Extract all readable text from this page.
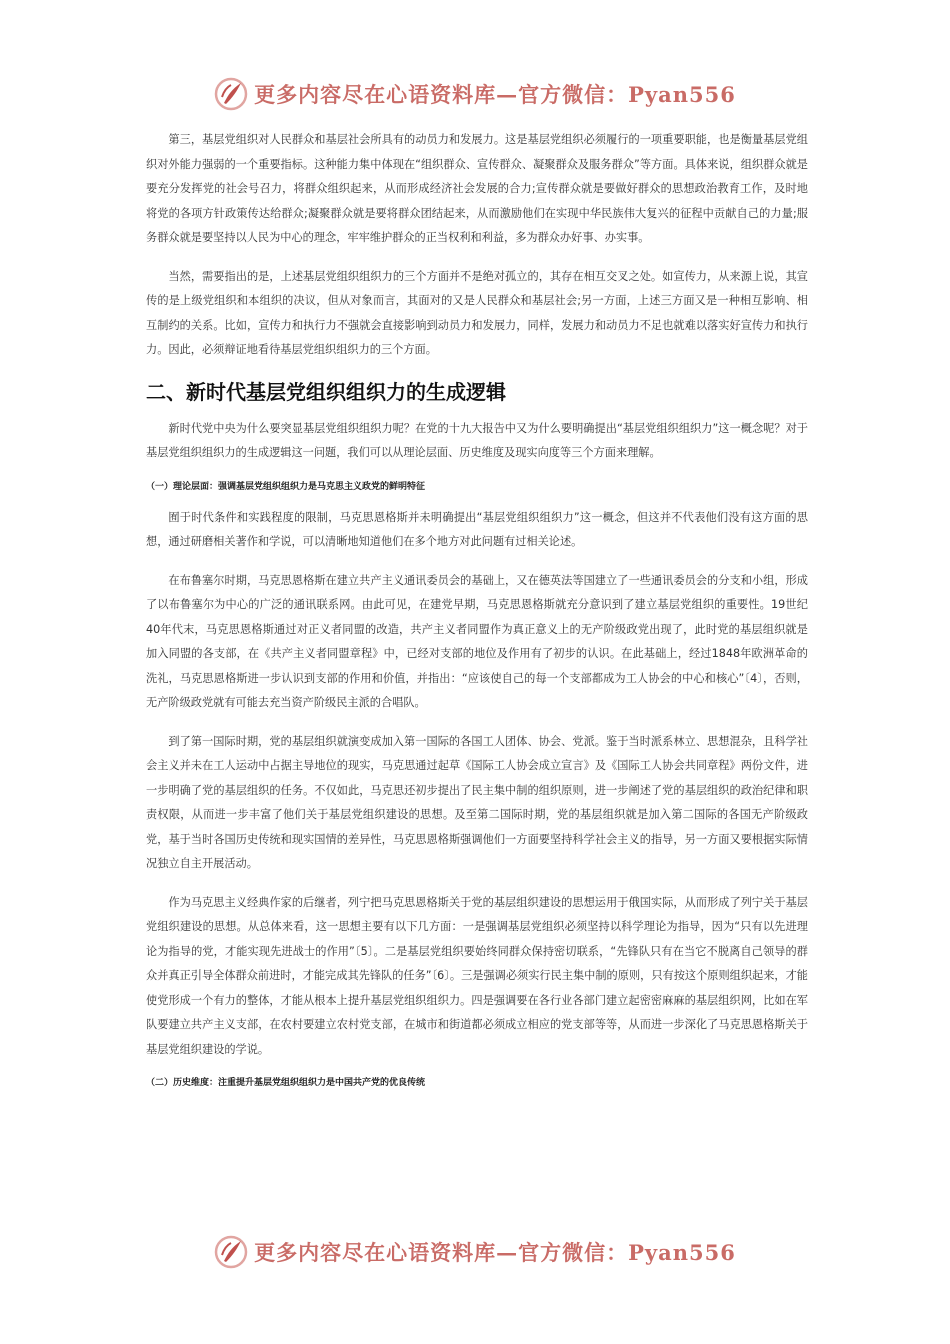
更多内容尽在心语资料库—官方微信：Pyan556

第三，基层党组织对人民群众和基层社会所具有的动员力和发展力。这是基层党组织必须履行的一项重要职能，也是衡量基层党组织对外能力强弱的一个重要指标。这种能力集中体现在“组织群众、宣传群众、凝聚群众及服务群众”等方面。具体来说，组织群众就是要充分发挥党的社会号召力，将群众组织起来，从而形成经济社会发展的合力;宣传群众就是要做好群众的思想政治教育工作，及时地将党的各项方针政策传达给群众;凝聚群众就是要将群众团结起来，从而激励他们在实现中华民族伟大复兴的征程中贡献自己的力量;服务群众就是要坚持以人民为中心的理念，牢牢维护群众的正当权利和利益，多为群众办好事、办实事。

当然，需要指出的是，上述基层党组织组织力的三个方面并不是绝对孤立的，其存在相互交叉之处。如宣传力，从来源上说，其宣传的是上级党组织和本组织的决议，但从对象而言，其面对的又是人民群众和基层社会;另一方面，上述三方面又是一种相互影响、相互制约的关系。比如，宣传力和执行力不强就会直接影响到动员力和发展力，同样，发展力和动员力不足也就难以落实好宣传力和执行力。因此，必须辩证地看待基层党组织组织力的三个方面。

二、新时代基层党组织组织力的生成逻辑

新时代党中央为什么要突显基层党组织组织力呢？在党的十九大报告中又为什么要明确提出“基层党组织组织力”这一概念呢？对于基层党组织组织力的生成逻辑这一问题，我们可以从理论层面、历史维度及现实向度等三个方面来理解。

（一）理论层面：强调基层党组织组织力是马克思主义政党的鲜明特征

囿于时代条件和实践程度的限制，马克思恩格斯并未明确提出“基层党组织组织力”这一概念，但这并不代表他们没有这方面的思想，通过研磨相关著作和学说，可以清晰地知道他们在多个地方对此问题有过相关论述。

在布鲁塞尔时期，马克思恩格斯在建立共产主义通讯委员会的基础上，又在德英法等国建立了一些通讯委员会的分支和小组，形成了以布鲁塞尔为中心的广泛的通讯联系网。由此可见，在建党早期，马克思恩格斯就充分意识到了建立基层党组织的重要性。19世纪40年代末，马克思恩格斯通过对正义者同盟的改造，共产主义者同盟作为真正意义上的无产阶级政党出现了，此时党的基层组织就是加入同盟的各支部，在《共产主义者同盟章程》中，已经对支部的地位及作用有了初步的认识。在此基础上，经过1848年欧洲革命的洗礼，马克思恩格斯进一步认识到支部的作用和价值，并指出：“应该使自己的每一个支部都成为工人协会的中心和核心”〔4〕，否则，无产阶级政党就有可能去充当资产阶级民主派的合唱队。

到了第一国际时期，党的基层组织就演变成加入第一国际的各国工人团体、协会、党派。鉴于当时派系林立、思想混杂，且科学社会主义并未在工人运动中占据主导地位的现实，马克思通过起草《国际工人协会成立宣言》及《国际工人协会共同章程》两份文件，进一步明确了党的基层组织的任务。不仅如此，马克思还初步提出了民主集中制的组织原则，进一步阐述了党的基层组织的政治纪律和职责权限，从而进一步丰富了他们关于基层党组织建设的思想。及至第二国际时期，党的基层组织就是加入第二国际的各国无产阶级政党，基于当时各国历史传统和现实国情的差异性，马克思恩格斯强调他们一方面要坚持科学社会主义的指导，另一方面又要根据实际情况独立自主开展活动。

作为马克思主义经典作家的后继者，列宁把马克思恩格斯关于党的基层组织建设的思想运用于俄国实际，从而形成了列宁关于基层党组织建设的思想。从总体来看，这一思想主要有以下几方面：一是强调基层党组织必须坚持以科学理论为指导，因为“只有以先进理论为指导的党，才能实现先进战士的作用”〔5〕。二是基层党组织要始终同群众保持密切联系，“先锋队只有在当它不脱离自己领导的群众并真正引导全体群众前进时，才能完成其先锋队的任务”〔6〕。三是强调必须实行民主集中制的原则，只有按这个原则组织起来，才能使党形成一个有力的整体，才能从根本上提升基层党组织组织力。四是强调要在各行业各部门建立起密密麻麻的基层组织网，比如在军队要建立共产主义支部，在农村要建立农村党支部，在城市和街道都必须成立相应的党支部等等，从而进一步深化了马克思恩格斯关于基层党组织建设的学说。

（二）历史维度：注重提升基层党组织组织力是中国共产党的优良传统
更多内容尽在心语资料库—官方微信：Pyan556
